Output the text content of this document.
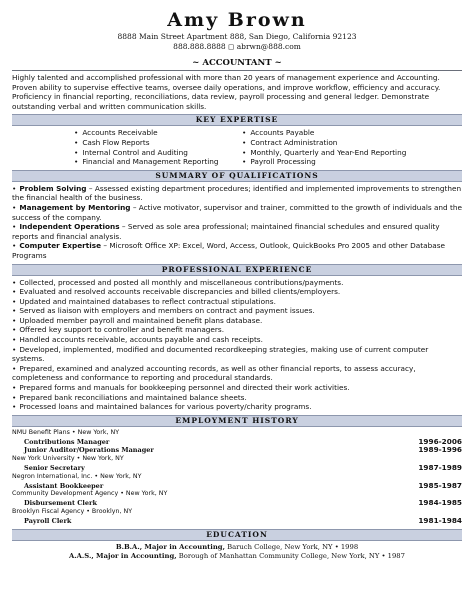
Amy Brown
8888 Main Street Apartment 888, San Diego, California 92123
888.888.8888 ◻ abrwn@888.com
~ ACCOUNTANT ~
Highly talented and accomplished professional with more than 20 years of management experience and Accounting. Proven ability to supervise effective teams, oversee daily operations, and improve workflow, efficiency and accuracy. Proficiency in financial reporting, reconciliations, data review, payroll processing and general ledger. Demonstrate outstanding verbal and written communication skills.
KEY EXPERTISE
• Accounts Receivable	• Accounts Payable
• Cash Flow Reports	• Contract Administration
• Internal Control and Auditing	• Monthly, Quarterly and Year-End Reporting
• Financial and Management Reporting	• Payroll Processing
SUMMARY OF QUALIFICATIONS

• Problem Solving – Assessed existing department procedures; identified and implemented improvements to strengthen the financial health of the business.

• Management by Mentoring – Active motivator, supervisor and trainer, committed to the growth of individuals and the success of the company.

• Independent Operations – Served as sole area professional; maintained financial schedules and ensured quality reports and financial analysis.

• Computer Expertise – Microsoft Office XP: Excel, Word, Access, Outlook, QuickBooks Pro 2005 and other Database Programs

PROFESSIONAL EXPERIENCE
• Collected, processed and posted all monthly and miscellaneous contributions/payments.
• Evaluated and resolved accounts receivable discrepancies and billed clients/employers.
• Updated and maintained databases to reflect contractual stipulations.
• Served as liaison with employers and members on contract and payment issues.
• Uploaded member payroll and maintained benefit plans database.
• Offered key support to controller and benefit managers.
• Handled accounts receivable, accounts payable and cash receipts.
• Developed, implemented, modified and documented recordkeeping strategies, making use of current computer systems.
• Prepared, examined and analyzed accounting records, as well as other financial reports, to assess accuracy, completeness and conformance to reporting and procedural standards.
• Prepared forms and manuals for bookkeeping personnel and directed their work activities.
• Prepared bank reconciliations and maintained balance sheets.
• Processed loans and maintained balances for various poverty/charity programs.
EMPLOYMENT HISTORY
NMU Benefit Plans • New York, NY
Contributions Manager	1996-2006
Junior Auditor/Operations Manager	1989-1996
New York University • New York, NY
Senior Secretary	1987-1989
Negron International, Inc. • New York, NY
Assistant Bookkeeper	1985-1987
Community Development Agency • New York, NY
Disbursement Clerk	1984-1985
Brooklyn Fiscal Agency • Brooklyn, NY
Payroll Clerk	1981-1984
EDUCATION
B.B.A., Major in Accounting, Baruch College, New York, NY • 1998
A.A.S., Major in Accounting, Borough of Manhattan Community College, New York, NY • 1987
